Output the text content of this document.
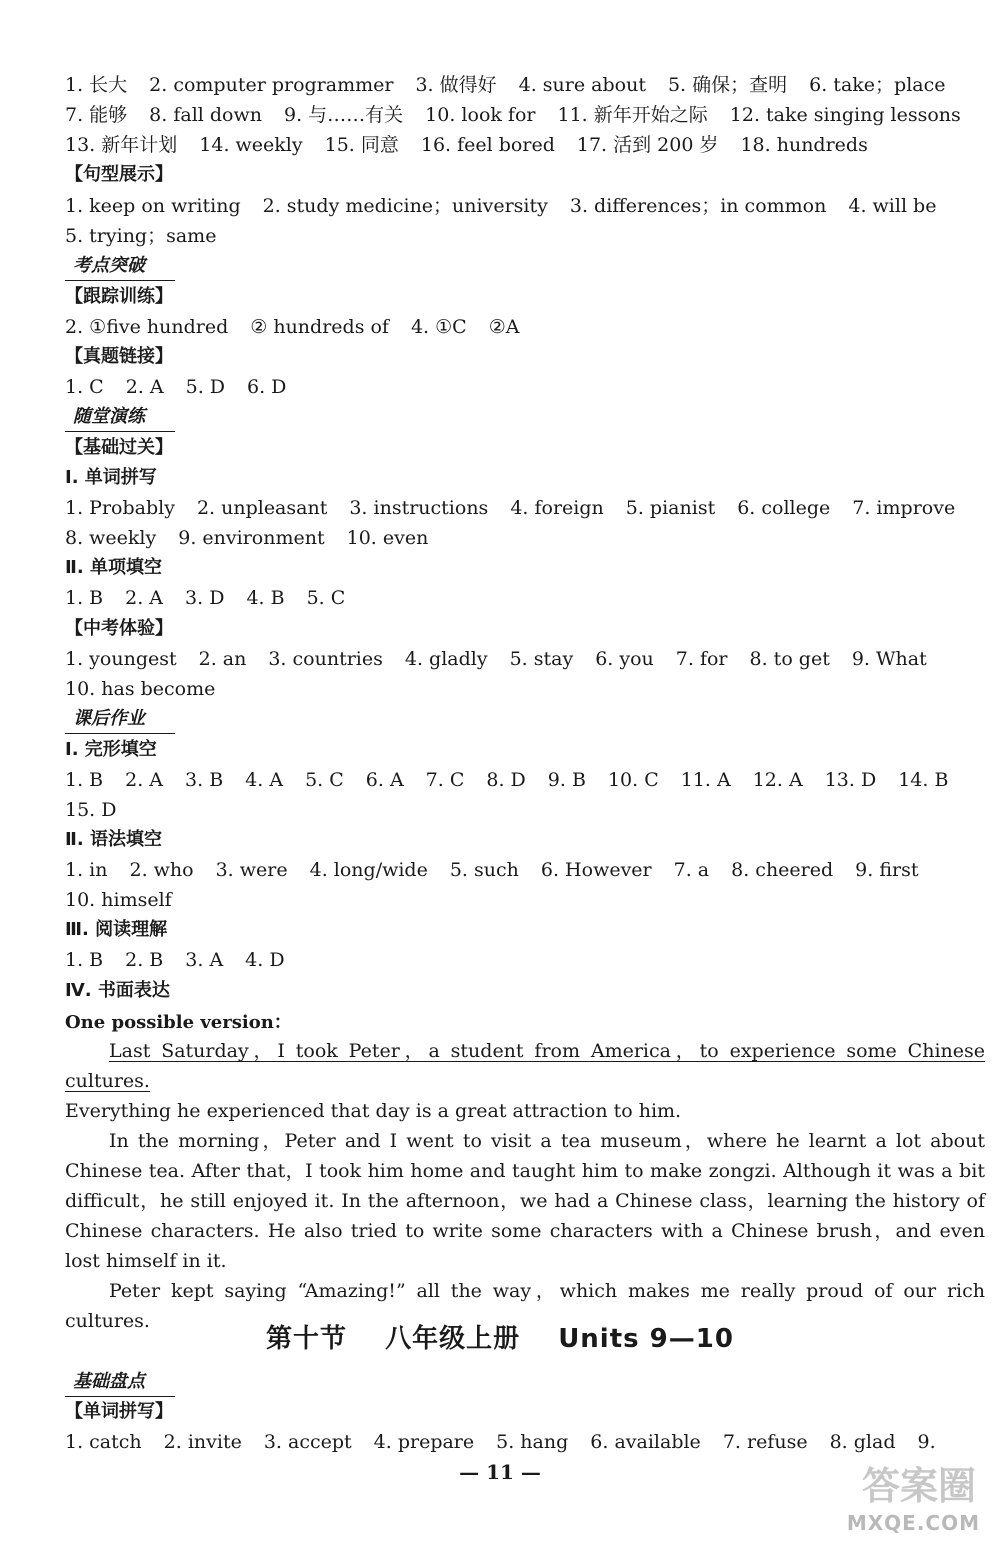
1. 长大 2. computer programmer 3. 做得好 4. sure about 5. 确保；查明 6. take；place
7. 能够 8. fall down 9. 与……有关 10. look for 11. 新年开始之际 12. take singing lessons
13. 新年计划 14. weekly 15. 同意 16. feel bored 17. 活到 200 岁 18. hundreds
【句型展示】
1. keep on writing 2. study medicine；university 3. differences；in common 4. will be
5. trying；same
考点突破
【跟踪训练】
2. ①five hundred ② hundreds of 4. ①C ②A
【真题链接】
1. C 2. A 5. D 6. D
随堂演练
【基础过关】
Ⅰ. 单词拼写
1. Probably 2. unpleasant 3. instructions 4. foreign 5. pianist 6. college 7. improve
8. weekly 9. environment 10. even
Ⅱ. 单项填空
1. B 2. A 3. D 4. B 5. C
【中考体验】
1. youngest 2. an 3. countries 4. gladly 5. stay 6. you 7. for 8. to get 9. What
10. has become
课后作业
Ⅰ. 完形填空
1. B 2. A 3. B 4. A 5. C 6. A 7. C 8. D 9. B 10. C 11. A 12. A 13. D 14. B
15. D
Ⅱ. 语法填空
1. in 2. who 3. were 4. long/wide 5. such 6. However 7. a 8. cheered 9. first
10. himself
Ⅲ. 阅读理解
1. B 2. B 3. A 4. D
Ⅳ. 书面表达
基础盘点
【单词拼写】
1. catch 2. invite 3. accept 4. prepare 5. hang 6. available 7. refuse 8. glad 9.
One possible version：

Last Saturday，I took Peter，a student from America，to experience some Chinese cultures.

Everything he experienced that day is a great attraction to him.

In the morning，Peter and I went to visit a tea museum，where he learnt a lot about Chinese tea. After that，I took him home and taught him to make zongzi. Although it was a bit difficult，he still enjoyed it. In the afternoon，we had a Chinese class，learning the history of Chinese characters. He also tried to write some characters with a Chinese brush，and even lost himself in it.

Peter kept saying “Amazing!” all the way，which makes me really proud of our rich cultures.

第十节 八年级上册 Units 9—10
— 11 —	答案圈
MXQE.COM
